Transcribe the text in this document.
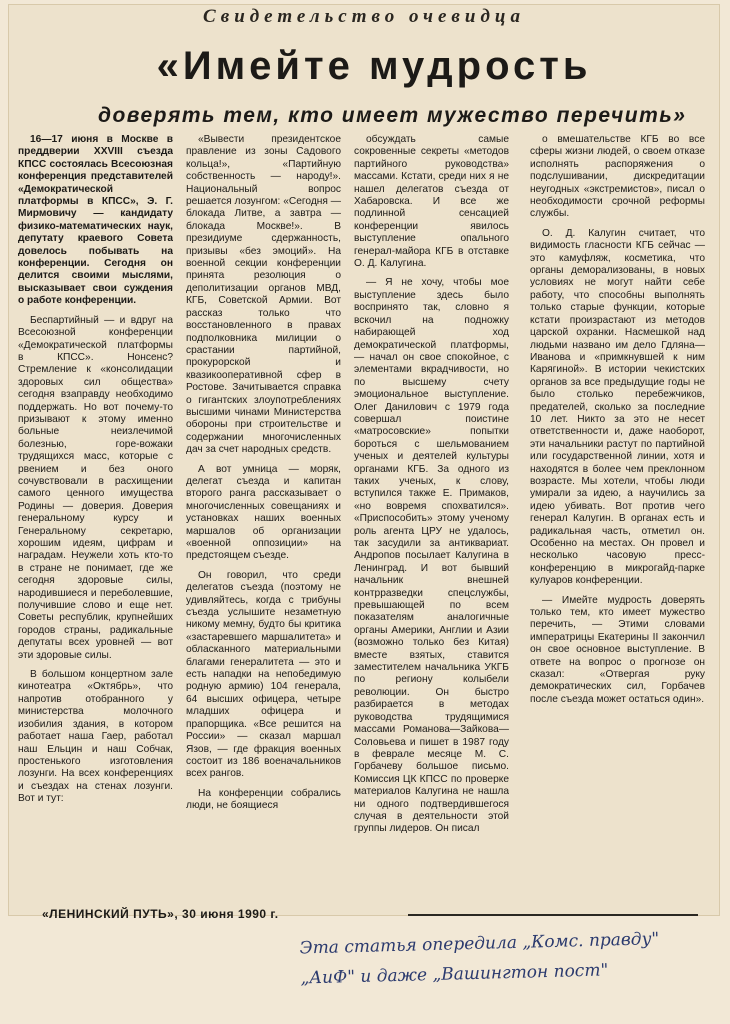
Свидетельство очевидца
«Имейте мудрость
доверять тем, кто имеет мужество перечить»

16—17 июня в Москве в преддверии XXVIII съезда КПСС состоялась Всесоюзная конференция представителей «Демократической платформы в КПСС», Э. Г. Мирмовичу — кандидату физико-математических наук, депутату краевого Совета довелось побывать на конференции. Сегодня он делится своими мыслями, высказывает свои суждения о работе конференции.

Беспартийный — и вдруг на Всесоюзной конференции «Демократической платформы в КПСС». Нонсенс? Стремление к «консолидации здоровых сил общества» сегодня взаправду необходимо поддержать. Но вот почему-то призывают к этому именно больные неизлечимой болезнью, горе-вожаки трудящихся масс, которые с рвением и без оного сочувствовали в расхищении самого ценного имущества Родины — доверия. Доверия генеральному курсу и Генеральному секретарю, хорошим идеям, цифрам и наградам. Неужели хоть кто-то в стране не понимает, где же сегодня здоровые силы, народившиеся и переболевшие, получившие слово и еще нет. Советы республик, крупнейших городов страны, радикальные депутаты всех уровней — вот эти здоровые силы.

В большом концертном зале кинотеатра «Октябрь», что напротив отобранного у министерства молочного изобилия здания, в котором работает наша Гаер, работал наш Ельцин и наш Собчак, простенького изготовления лозунги. На всех конференциях и съездах на стенах лозунги. Вот и тут:

«Вывести президентское правление из зоны Садового кольца!», «Партийную собственность — народу!». Национальный вопрос решается лозунгом: «Сегодня — блокада Литве, а завтра — блокада Москве!». В президиуме сдержанность, призывы «без эмоций». На военной секции конференции принята резолюция о деполитизации органов МВД, КГБ, Советской Армии. Вот рассказ только что восстановленного в правах подполковника милиции о срастании партийной, прокурорской и квазикооперативной сфер в Ростове. Зачитывается справка о гигантских злоупотреблениях высшими чинами Министерства обороны при строительстве и содержании многочисленных дач за счет народных средств.

А вот умница — моряк, делегат съезда и капитан второго ранга рассказывает о многочисленных совещаниях и установках наших военных маршалов об организации «военной оппозиции» на предстоящем съезде.

Он говорил, что среди делегатов съезда (поэтому не удивляйтесь, когда с трибуны съезда услышите незаметную никому мемну, будто бы критика «застаревшего маршалитета» и обласканного материальными благами генералитета — это и есть нападки на непобедимую родную армию) 104 генерала, 64 высших офицера, четыре младших офицера и прапорщика. «Все решится на России» — сказал маршал Язов, — где фракция военных состоит из 186 военачальников всех рангов.

На конференции собрались люди, не боящиеся

обсуждать самые сокровенные секреты «методов партийного руководства» массами. Кстати, среди них я не нашел делегатов съезда от Хабаровска. И все же подлинной сенсацией конференции явилось выступление опального генерал-майора КГБ в отставке О. Д. Калугина.

— Я не хочу, чтобы мое выступление здесь было воспринято так, словно я вскочил на подножку набирающей ход демократической платформы, — начал он свое спокойное, с элементами вкрадчивости, но по высшему счету эмоциональное выступление. Олег Данилович с 1979 года совершал поистине «матросовские» попытки бороться с шельмованием ученых и деятелей культуры органами КГБ. За одного из таких ученых, к слову, вступился также Е. Примаков, «но вовремя спохватился». «Приспособить» этому ученому роль агента ЦРУ не удалось, так засудили за антиквариат. Андропов посылает Калугина в Ленинград. И вот бывший начальник внешней контрразведки спецслужбы, превышающей по всем показателям аналогичные органы Америки, Англии и Азии (возможно только без Китая) вместе взятых, ставится заместителем начальника УКГБ по региону колыбели революции. Он быстро разбирается в методах руководства трудящимися массами Романова—Зайкова—Соловьева и пишет в 1987 году в феврале месяце М. С. Горбачеву большое письмо. Комиссия ЦК КПСС по проверке материалов Калугина не нашла ни одного подтвердившегося случая в деятельности этой группы лидеров. Он писал

о вмешательстве КГБ во все сферы жизни людей, о своем отказе исполнять распоряжения о подслушивании, дискредитации неугодных «экстремистов», писал о необходимости срочной реформы службы.

О. Д. Калугин считает, что видимость гласности КГБ сейчас — это камуфляж, косметика, что органы деморализованы, в новых условиях не могут найти себе работу, что способны выполнять только старые функции, которые кстати произрастают из методов царской охранки. Насмешкой над людьми названо им дело Гдляна—Иванова и «примкнувшей к ним Карягиной». В истории чекистских органов за все предыдущие годы не было столько перебежчиков, предателей, сколько за последние 10 лет. Никто за это не несет ответственности и, даже наоборот, эти начальники растут по партийной или государственной линии, хотя и находятся в более чем преклонном возрасте. Мы хотели, чтобы люди умирали за идею, а научились за идею убивать. Вот против чего генерал Калугин. В органах есть и радикальная часть, отметил он. Особенно на местах. Он провел и несколько часовую пресс-конференцию в микрогайд-парке кулуаров конференции.

— Имейте мудрость доверять только тем, кто имеет мужество перечить, — Этими словами императрицы Екатерины II закончил он свое основное выступление. В ответе на вопрос о прогнозе он сказал: «Отвергая руку демократических сил, Горбачев после съезда может остаться один».

«ЛЕНИНСКИЙ ПУТЬ», 30 июня 1990 г.
Эта статья опередила „Комс. правду"
„АиФ" и даже „Вашингтон пост"
